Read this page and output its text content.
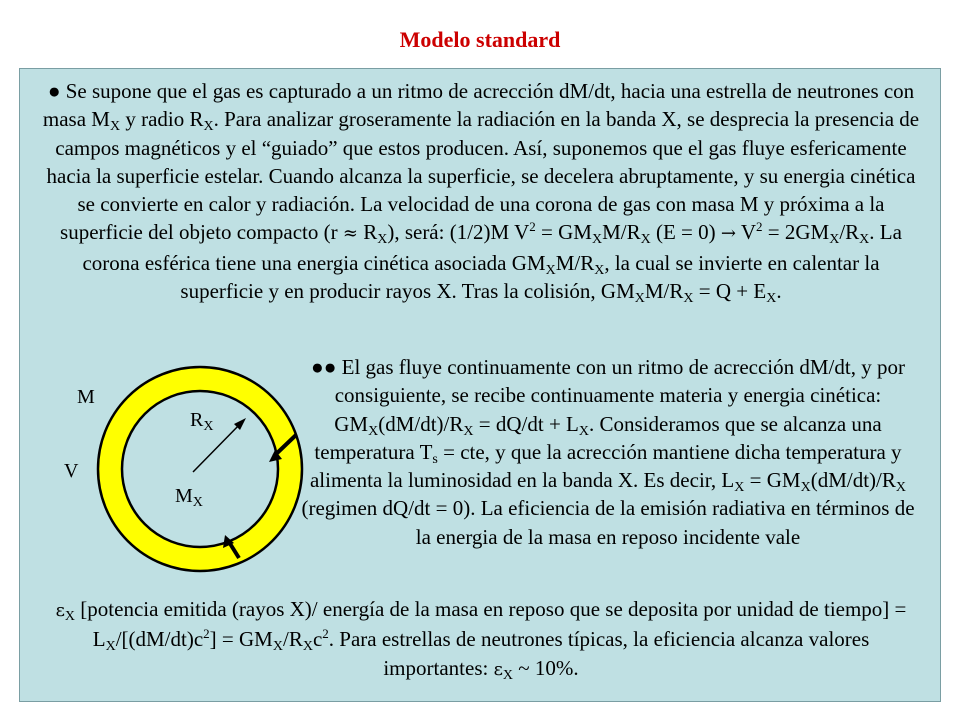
Modelo standard

● Se supone que el gas es capturado a un ritmo de acrección dM/dt, hacia una estrella de neutrones con masa $M_X$ y radio $R_X$. Para analizar groseramente la radiación en la banda X, se desprecia la presencia de campos magnéticos y el “guiado” que estos producen. Así, suponemos que el gas fluye esfericamente hacia la superficie estelar. Cuando alcanza la superficie, se decelera abruptamente, y su energia cinética se convierte en calor y radiación. La velocidad de una corona de gas con masa M y próxima a la superficie del objeto compacto $(r \approx R_X)$, será: (1/2)M $V^2 = GM_XM/R_X$ $(E = 0) \to V^2 = 2GM_X/R_X$. La corona esférica tiene una energia cinética asociada $GM_XM/R_X$, la cual se invierte en calentar la superficie y en producir rayos X. Tras la colisión, $GM_XM/R_X = Q + E_X$.

M
V
$R_X$
$M_X$

●● El gas fluye continuamente con un ritmo de acrección dM/dt, y por consiguiente, se recibe continuamente materia y energia cinética: $GM_X(dM/dt)/R_X = dQ/dt + L_X$. Consideramos que se alcanza una temperatura $T_s$ = cte, y que la acrección mantiene dicha temperatura y alimenta la luminosidad en la banda X. Es decir, $L_X = GM_X(dM/dt)/R_X$ (regimen dQ/dt = 0). La eficiencia de la emisión radiativa en términos de la energia de la masa en reposo incidente vale

$\varepsilon_X$ [potencia emitida (rayos X)/ energía de la masa en reposo que se deposita por unidad de tiempo] = $L_X/[(dM/dt)c^2] = GM_X/R_Xc^2$. Para estrellas de neutrones típicas, la eficiencia alcanza valores importantes: $\varepsilon_X$ ~ 10%.
